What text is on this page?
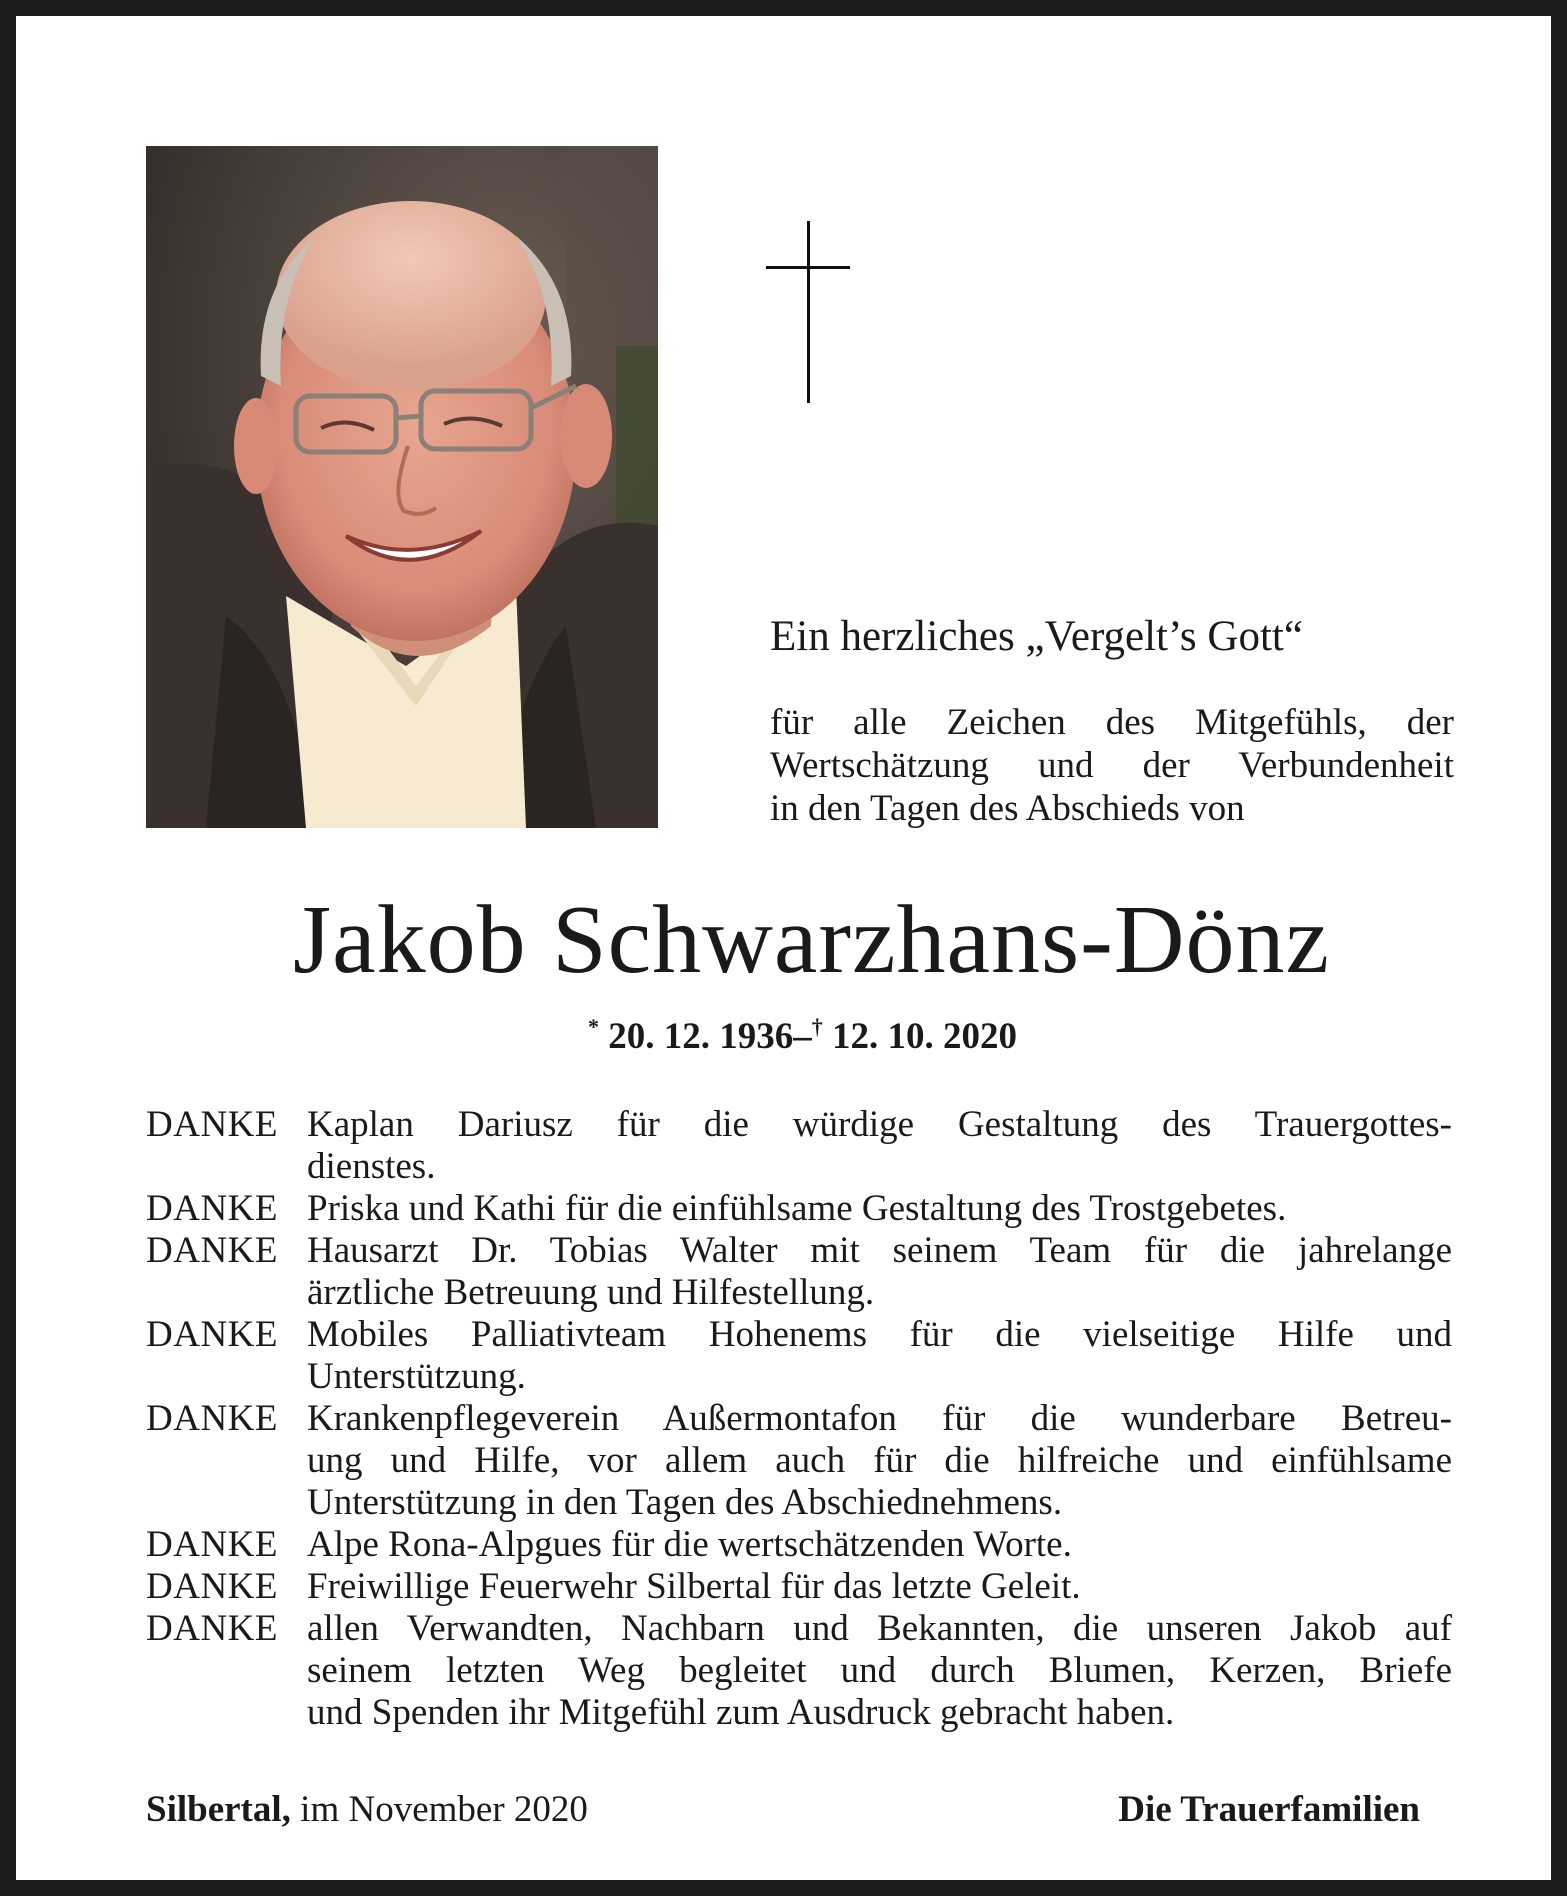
Ein herzliches „Vergelt’s Gott“
für alle Zeichen des Mitgefühls, der
Wertschätzung und der Verbundenheit
in den Tagen des Abschieds von
Jakob Schwarzhans-Dönz
* 20. 12. 1936–† 12. 10. 2020
DANKE Kaplan Dariusz für die würdige Gestaltung des Trauergottes-
dienstes.
DANKE Priska und Kathi für die einfühlsame Gestaltung des Trostgebetes.
DANKE Hausarzt Dr. Tobias Walter mit seinem Team für die jahrelange
ärztliche Betreuung und Hilfestellung.
DANKE Mobiles Palliativteam Hohenems für die vielseitige Hilfe und
Unterstützung.
DANKE Krankenpflegeverein Außermontafon für die wunderbare Betreu-
ung und Hilfe, vor allem auch für die hilfreiche und einfühlsame
Unterstützung in den Tagen des Abschiednehmens.
DANKE Alpe Rona-Alpgues für die wertschätzenden Worte.
DANKE Freiwillige Feuerwehr Silbertal für das letzte Geleit.
DANKE allen Verwandten, Nachbarn und Bekannten, die unseren Jakob auf
seinem letzten Weg begleitet und durch Blumen, Kerzen, Briefe
und Spenden ihr Mitgefühl zum Ausdruck gebracht haben.
Silbertal, im November 2020	Die Trauerfamilien
